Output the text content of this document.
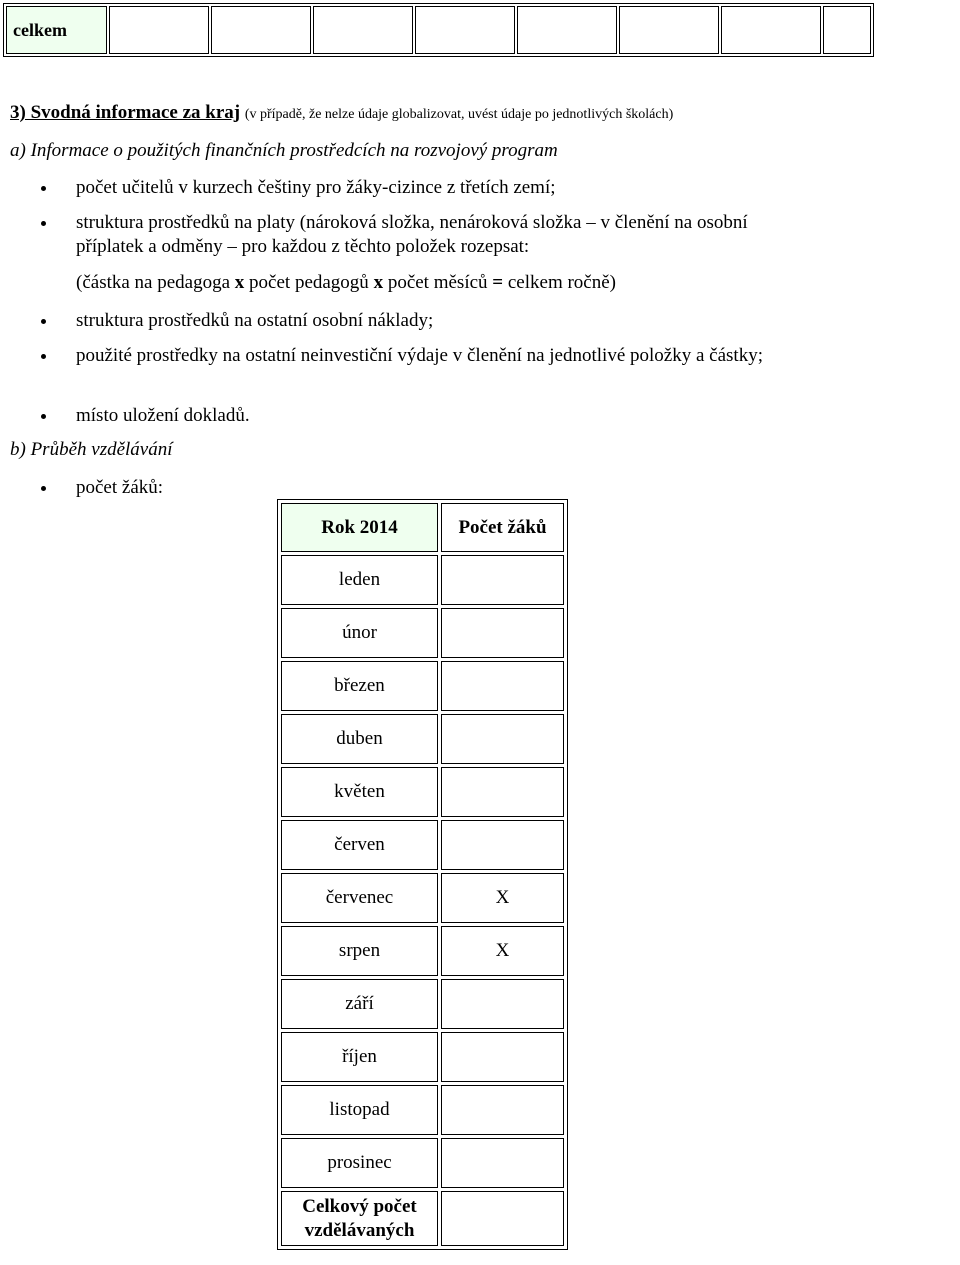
celkem								
3) Svodná informace za kraj (v případě, že nelze údaje globalizovat, uvést údaje po jednotlivých školách)
a) Informace o použitých finančních prostředcích na rozvojový program
počet učitelů v kurzech češtiny pro žáky-cizince z třetích zemí;
struktura prostředků na platy (nároková složka, nenároková složka – v členění na osobní příplatek a odměny – pro každou z těchto položek rozepsat:
struktura prostředků na ostatní osobní náklady;
použité prostředky na ostatní neinvestiční výdaje v členění na jednotlivé položky a částky;
místo uložení dokladů.
(částka na pedagoga x počet pedagogů x počet měsíců = celkem ročně)
b) Průběh vzdělávání
počet žáků:
Rok 2014	Počet žáků
leden	
únor	
březen	
duben	
květen	
červen	
červenec	X
srpen	X
září	
říjen	
listopad	
prosinec	
Celkový počet vzdělávaných	
